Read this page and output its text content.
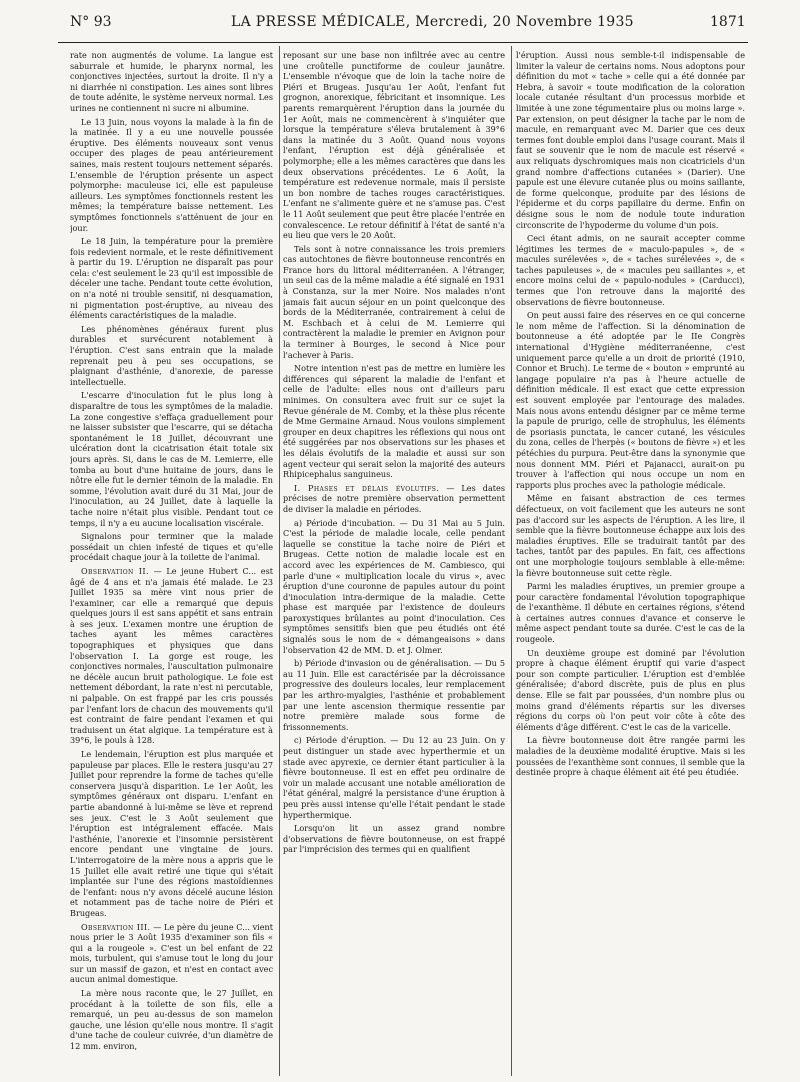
N° 93	LA PRESSE MÉDICALE, Mercredi, 20 Novembre 1935	1871

rate non augmentés de volume. La langue est saburrale et humide, le pharynx normal, les conjonctives injectées, surtout la droite. Il n'y a ni diarrhée ni constipation. Les aines sont libres de toute adénite, le système nerveux normal. Les urines ne contiennent ni sucre ni albumine.

Le 13 Juin, nous voyons la malade à la fin de la matinée. Il y a eu une nouvelle poussée éruptive. Des éléments nouveaux sont venus occuper des plages de peau antérieurement saines, mais restent toujours nettement séparés. L'ensemble de l'éruption présente un aspect polymorphe: maculeuse ici, elle est papuleuse ailleurs. Les symptômes fonctionnels restent les mêmes; la température baisse nettement. Les symptômes fonctionnels s'atténuent de jour en jour.

Le 18 Juin, la température pour la première fois redevient normale, et le reste définitivement à partir du 19. L'éruption ne disparaît pas pour cela: c'est seulement le 23 qu'il est impossible de déceler une tache. Pendant toute cette évolution, on n'a noté ni trouble sensitif, ni desquamation, ni pigmentation post-éruptive, au niveau des éléments caractéristiques de la maladie.

Les phénomènes généraux furent plus durables et survécurent notablement à l'éruption. C'est sans entrain que la malade reprenait peu à peu ses occupations, se plaignant d'asthénie, d'anorexie, de paresse intellectuelle.

L'escarre d'inoculation fut le plus long à disparaître de tous les symptômes de la maladie. La zone congestive s'effaça graduellement pour ne laisser subsister que l'escarre, qui se détacha spontanément le 18 Juillet, découvrant une ulcération dont la cicatrisation était totale six jours après. Si, dans le cas de M. Lemierre, elle tomba au bout d'une huitaine de jours, dans le nôtre elle fut le dernier témoin de la maladie. En somme, l'évolution avait duré du 31 Mai, jour de l'inoculation, au 24 Juillet, date à laquelle la tache noire n'était plus visible. Pendant tout ce temps, il n'y a eu aucune localisation viscérale.

Signalons pour terminer que la malade possédait un chien infesté de tiques et qu'elle procédait chaque jour à la toilette de l'animal.

Observation II. — Le jeune Hubert C... est âgé de 4 ans et n'a jamais été malade. Le 23 Juillet 1935 sa mère vint nous prier de l'examiner, car elle a remarqué que depuis quelques jours il est sans appétit et sans entrain à ses jeux. L'examen montre une éruption de taches ayant les mêmes caractères topographiques et physiques que dans l'observation I. La gorge est rouge, les conjonctives normales, l'auscultation pulmonaire ne décèle aucun bruit pathologique. Le foie est nettement débordant, la rate n'est ni percutable, ni palpable. On est frappé par les cris poussés par l'enfant lors de chacun des mouvements qu'il est contraint de faire pendant l'examen et qui traduisent un état algique. La température est à 39°6, le pouls à 128.

Le lendemain, l'éruption est plus marquée et papuleuse par places. Elle le restera jusqu'au 27 Juillet pour reprendre la forme de taches qu'elle conservera jusqu'à disparition. Le 1er Août, les symptômes généraux ont disparu. L'enfant en partie abandonné à lui-même se lève et reprend ses jeux. C'est le 3 Août seulement que l'éruption est intégralement effacée. Mais l'asthénie, l'anorexie et l'insomnie persistèrent encore pendant une vingtaine de jours. L'interrogatoire de la mère nous a appris que le 15 Juillet elle avait retiré une tique qui s'était implantée sur l'une des régions mastoïdiennes de l'enfant: nous n'y avons décelé aucune lésion et notamment pas de tache noire de Piéri et Brugeas.

Observation III. — Le père du jeune C... vient nous prier le 3 Août 1935 d'examiner son fils « qui a la rougeole ». C'est un bel enfant de 22 mois, turbulent, qui s'amuse tout le long du jour sur un massif de gazon, et n'est en contact avec aucun animal domestique.

La mère nous raconte que, le 27 Juillet, en procédant à la toilette de son fils, elle a remarqué, un peu au-dessus de son mamelon gauche, une lésion qu'elle nous montre. Il s'agit d'une tache de couleur cuivrée, d'un diamètre de 12 mm. environ,

reposant sur une base non infiltrée avec au centre une croûtelle punctiforme de couleur jaunâtre. L'ensemble n'évoque que de loin la tache noire de Piéri et Brugeas. Jusqu'au 1er Août, l'enfant fut grognon, anorexique, fébricitant et insomnique. Les parents remarquèrent l'éruption dans la journée du 1er Août, mais ne commencèrent à s'inquiéter que lorsque la température s'éleva brutalement à 39°6 dans la matinée du 3 Août. Quand nous voyons l'enfant, l'éruption est déjà généralisée et polymorphe; elle a les mêmes caractères que dans les deux observations précédentes. Le 6 Août, la température est redevenue normale, mais il persiste un bon nombre de taches rouges caractéristiques. L'enfant ne s'alimente guère et ne s'amuse pas. C'est le 11 Août seulement que peut être placée l'entrée en convalescence. Le retour définitif à l'état de santé n'a eu lieu que vers le 20 Août.

Tels sont à notre connaissance les trois premiers cas autochtones de fièvre boutonneuse rencontrés en France hors du littoral méditerranéen. A l'étranger, un seul cas de la même maladie a été signalé en 1931 à Constanza, sur la mer Noire. Nos malades n'ont jamais fait aucun séjour en un point quelconque des bords de la Méditerranée, contrairement à celui de M. Eschbach et à celui de M. Lemierre qui contractèrent la maladie le premier en Avignon pour la terminer à Bourges, le second à Nice pour l'achever à Paris.

Notre intention n'est pas de mettre en lumière les différences qui séparent la maladie de l'enfant et celle de l'adulte: elles nous ont d'ailleurs paru minimes. On consultera avec fruit sur ce sujet la Revue générale de M. Comby, et la thèse plus récente de Mme Germaine Arnaud. Nous voulons simplement grouper en deux chapitres les réflexions qui nous ont été suggérées par nos observations sur les phases et les délais évolutifs de la maladie et aussi sur son agent vecteur qui serait selon la majorité des auteurs Rhipicephalus sanguineus.

I. Phases et délais évolutifs. — Les dates précises de notre première observation permettent de diviser la maladie en périodes.

a) Période d'incubation. — Du 31 Mai au 5 Juin. C'est la période de maladie locale, celle pendant laquelle se constitue la tache noire de Piéri et Brugeas. Cette notion de maladie locale est en accord avec les expériences de M. Cambiesco, qui parle d'une « multiplication locale du virus », avec éruption d'une couronne de papules autour du point d'inoculation intra-dermique de la maladie. Cette phase est marquée par l'existence de douleurs paroxystiques brûlantes au point d'inoculation. Ces symptômes sensitifs bien que peu étudiés ont été signalés sous le nom de « démangeaisons » dans l'observation 42 de MM. D. et J. Olmer.

b) Période d'invasion ou de généralisation. — Du 5 au 11 Juin. Elle est caractérisée par la décroissance progressive des douleurs locales, leur remplacement par les arthro-myalgies, l'asthénie et probablement par une lente ascension thermique ressentie par notre première malade sous forme de frissonnements.

c) Période d'éruption. — Du 12 au 23 Juin. On y peut distinguer un stade avec hyperthermie et un stade avec apyrexie, ce dernier étant particulier à la fièvre boutonneuse. Il est en effet peu ordinaire de voir un malade accusant une notable amélioration de l'état général, malgré la persistance d'une éruption à peu près aussi intense qu'elle l'était pendant le stade hyperthermique.

Lorsqu'on lit un assez grand nombre d'observations de fièvre boutonneuse, on est frappé par l'imprécision des termes qui en qualifient

l'éruption. Aussi nous semble-t-il indispensable de limiter la valeur de certains noms. Nous adoptons pour définition du mot « tache » celle qui a été donnée par Hebra, à savoir « toute modification de la coloration locale cutanée résultant d'un processus morbide et limitée à une zone tégumentaire plus ou moins large ». Par extension, on peut désigner la tache par le nom de macule, en remarquant avec M. Darier que ces deux termes font double emploi dans l'usage courant. Mais il faut se souvenir que le nom de macule est réservé « aux reliquats dyschromiques mais non cicatriciels d'un grand nombre d'affections cutanées » (Darier). Une papule est une élevure cutanée plus ou moins saillante, de forme quelconque, produite par des lésions de l'épiderme et du corps papillaire du derme. Enfin on désigne sous le nom de nodule toute induration circonscrite de l'hypoderme du volume d'un pois.

Ceci étant admis, on ne saurait accepter comme légitimes les termes de « maculo-papules », de « macules surélevées », de « taches surélevées », de « taches papuleuses », de « macules peu saillantes », et encore moins celui de « papulo-nodules » (Carducci), termes que l'on retrouve dans la majorité des observations de fièvre boutonneuse.

On peut aussi faire des réserves en ce qui concerne le nom même de l'affection. Si la dénomination de boutonneuse a été adoptée par le IIe Congrès international d'Hygiène méditerranéenne, c'est uniquement parce qu'elle a un droit de priorité (1910, Connor et Bruch). Le terme de « bouton » emprunté au langage populaire n'a pas à l'heure actuelle de définition médicale. Il est exact que cette expression est souvent employée par l'entourage des malades. Mais nous avons entendu désigner par ce même terme la papule de prurigo, celle de strophulus, les éléments de psoriasis punctata, le cancer cutané, les vésicules du zona, celles de l'herpès (« boutons de fièvre ») et les pétéchies du purpura. Peut-être dans la synonymie que nous donnent MM. Piéri et Pajanacci, aurait-on pu trouver à l'affection qui nous occupe un nom en rapports plus proches avec la pathologie médicale.

Même en faisant abstraction de ces termes défectueux, on voit facilement que les auteurs ne sont pas d'accord sur les aspects de l'éruption. A les lire, il semble que la fièvre boutonneuse échappe aux lois des maladies éruptives. Elle se traduirait tantôt par des taches, tantôt par des papules. En fait, ces affections ont une morphologie toujours semblable à elle-même: la fièvre boutonneuse suit cette règle.

Parmi les maladies éruptives, un premier groupe a pour caractère fondamental l'évolution topographique de l'exanthème. Il débute en certaines régions, s'étend à certaines autres connues d'avance et conserve le même aspect pendant toute sa durée. C'est le cas de la rougeole.

Un deuxième groupe est dominé par l'évolution propre à chaque élément éruptif qui varie d'aspect pour son compte particulier. L'éruption est d'emblée généralisée; d'abord discrète, puis de plus en plus dense. Elle se fait par poussées, d'un nombre plus ou moins grand d'éléments répartis sur les diverses régions du corps où l'on peut voir côte à côte des éléments d'âge différent. C'est le cas de la varicelle.

La fièvre boutonneuse doit être rangée parmi les maladies de la deuxième modalité éruptive. Mais si les poussées de l'exanthème sont connues, il semble que la destinée propre à chaque élément ait été peu étudiée.
